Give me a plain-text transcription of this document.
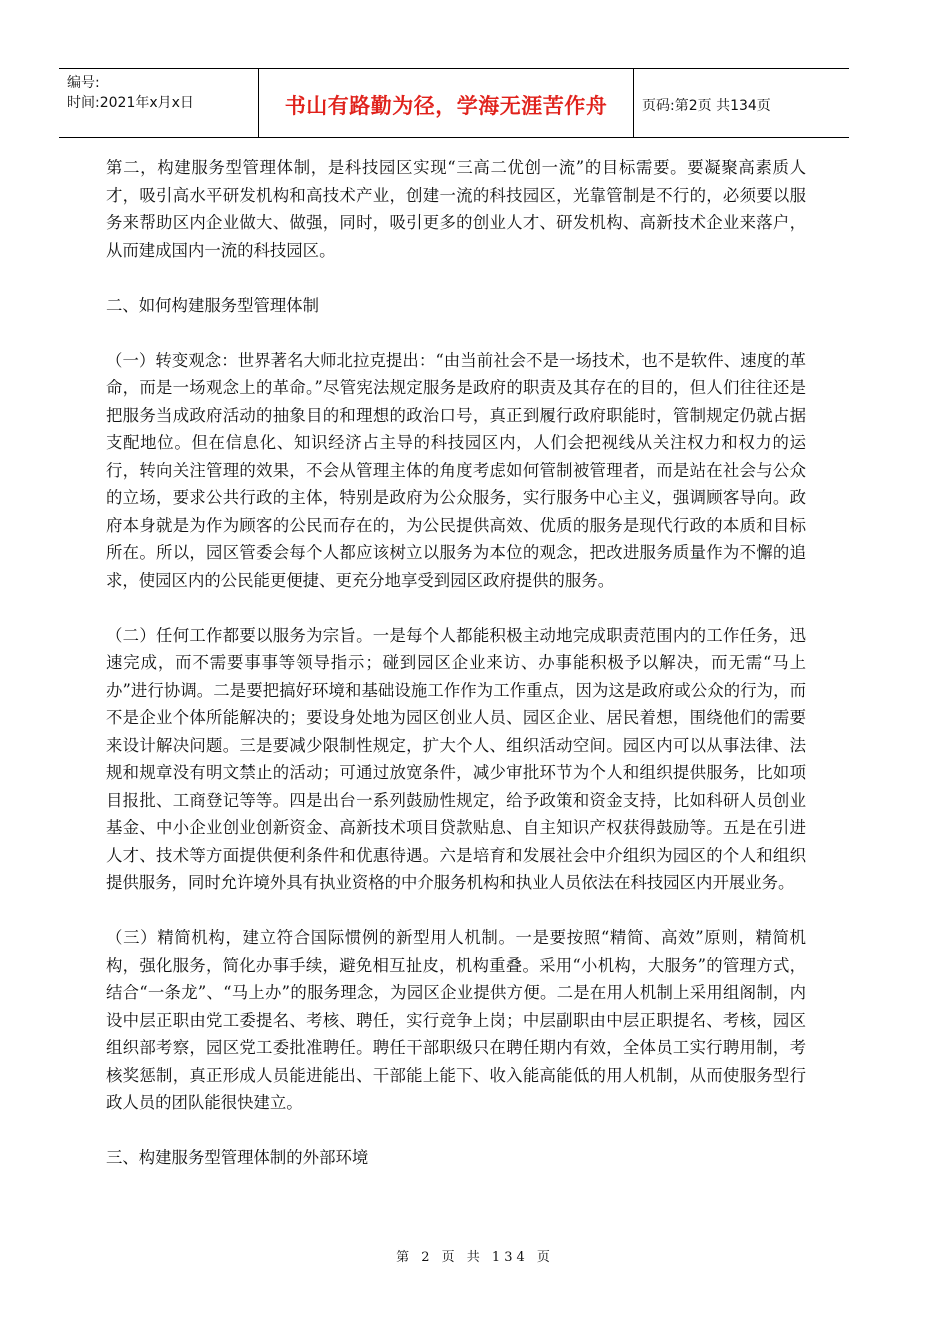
编号:
时间:2021年x月x日	书山有路勤为径，学海无涯苦作舟 页码:第2页 共134页

第二，构建服务型管理体制，是科技园区实现“三高二优创一流”的目标需要。要凝聚高素质人才，吸引高水平研发机构和高技术产业，创建一流的科技园区，光靠管制是不行的，必须要以服务来帮助区内企业做大、做强，同时，吸引更多的创业人才、研发机构、高新技术企业来落户，从而建成国内一流的科技园区。

二、如何构建服务型管理体制

（一）转变观念：世界著名大师北拉克提出：“由当前社会不是一场技术，也不是软件、速度的革命，而是一场观念上的革命。”尽管宪法规定服务是政府的职责及其存在的目的，但人们往往还是把服务当成政府活动的抽象目的和理想的政治口号，真正到履行政府职能时，管制规定仍就占据支配地位。但在信息化、知识经济占主导的科技园区内，人们会把视线从关注权力和权力的运行，转向关注管理的效果，不会从管理主体的角度考虑如何管制被管理者，而是站在社会与公众的立场，要求公共行政的主体，特别是政府为公众服务，实行服务中心主义，强调顾客导向。政府本身就是为作为顾客的公民而存在的，为公民提供高效、优质的服务是现代行政的本质和目标所在。所以，园区管委会每个人都应该树立以服务为本位的观念，把改进服务质量作为不懈的追求，使园区内的公民能更便捷、更充分地享受到园区政府提供的服务。

（二）任何工作都要以服务为宗旨。一是每个人都能积极主动地完成职责范围内的工作任务，迅速完成，而不需要事事等领导指示；碰到园区企业来访、办事能积极予以解决，而无需“马上办”进行协调。二是要把搞好环境和基础设施工作作为工作重点，因为这是政府或公众的行为，而不是企业个体所能解决的；要设身处地为园区创业人员、园区企业、居民着想，围绕他们的需要来设计解决问题。三是要减少限制性规定，扩大个人、组织活动空间。园区内可以从事法律、法规和规章没有明文禁止的活动；可通过放宽条件，减少审批环节为个人和组织提供服务，比如项目报批、工商登记等等。四是出台一系列鼓励性规定，给予政策和资金支持，比如科研人员创业基金、中小企业创业创新资金、高新技术项目贷款贴息、自主知识产权获得鼓励等。五是在引进人才、技术等方面提供便利条件和优惠待遇。六是培育和发展社会中介组织为园区的个人和组织提供服务，同时允许境外具有执业资格的中介服务机构和执业人员依法在科技园区内开展业务。

（三）精简机构，建立符合国际惯例的新型用人机制。一是要按照“精简、高效”原则，精简机构，强化服务，简化办事手续，避免相互扯皮，机构重叠。采用“小机构，大服务”的管理方式，结合“一条龙”、“马上办”的服务理念，为园区企业提供方便。二是在用人机制上采用组阁制，内设中层正职由党工委提名、考核、聘任，实行竞争上岗；中层副职由中层正职提名、考核，园区组织部考察，园区党工委批准聘任。聘任干部职级只在聘任期内有效，全体员工实行聘用制，考核奖惩制，真正形成人员能进能出、干部能上能下、收入能高能低的用人机制，从而使服务型行政人员的团队能很快建立。

三、构建服务型管理体制的外部环境

第 2 页 共 134 页
